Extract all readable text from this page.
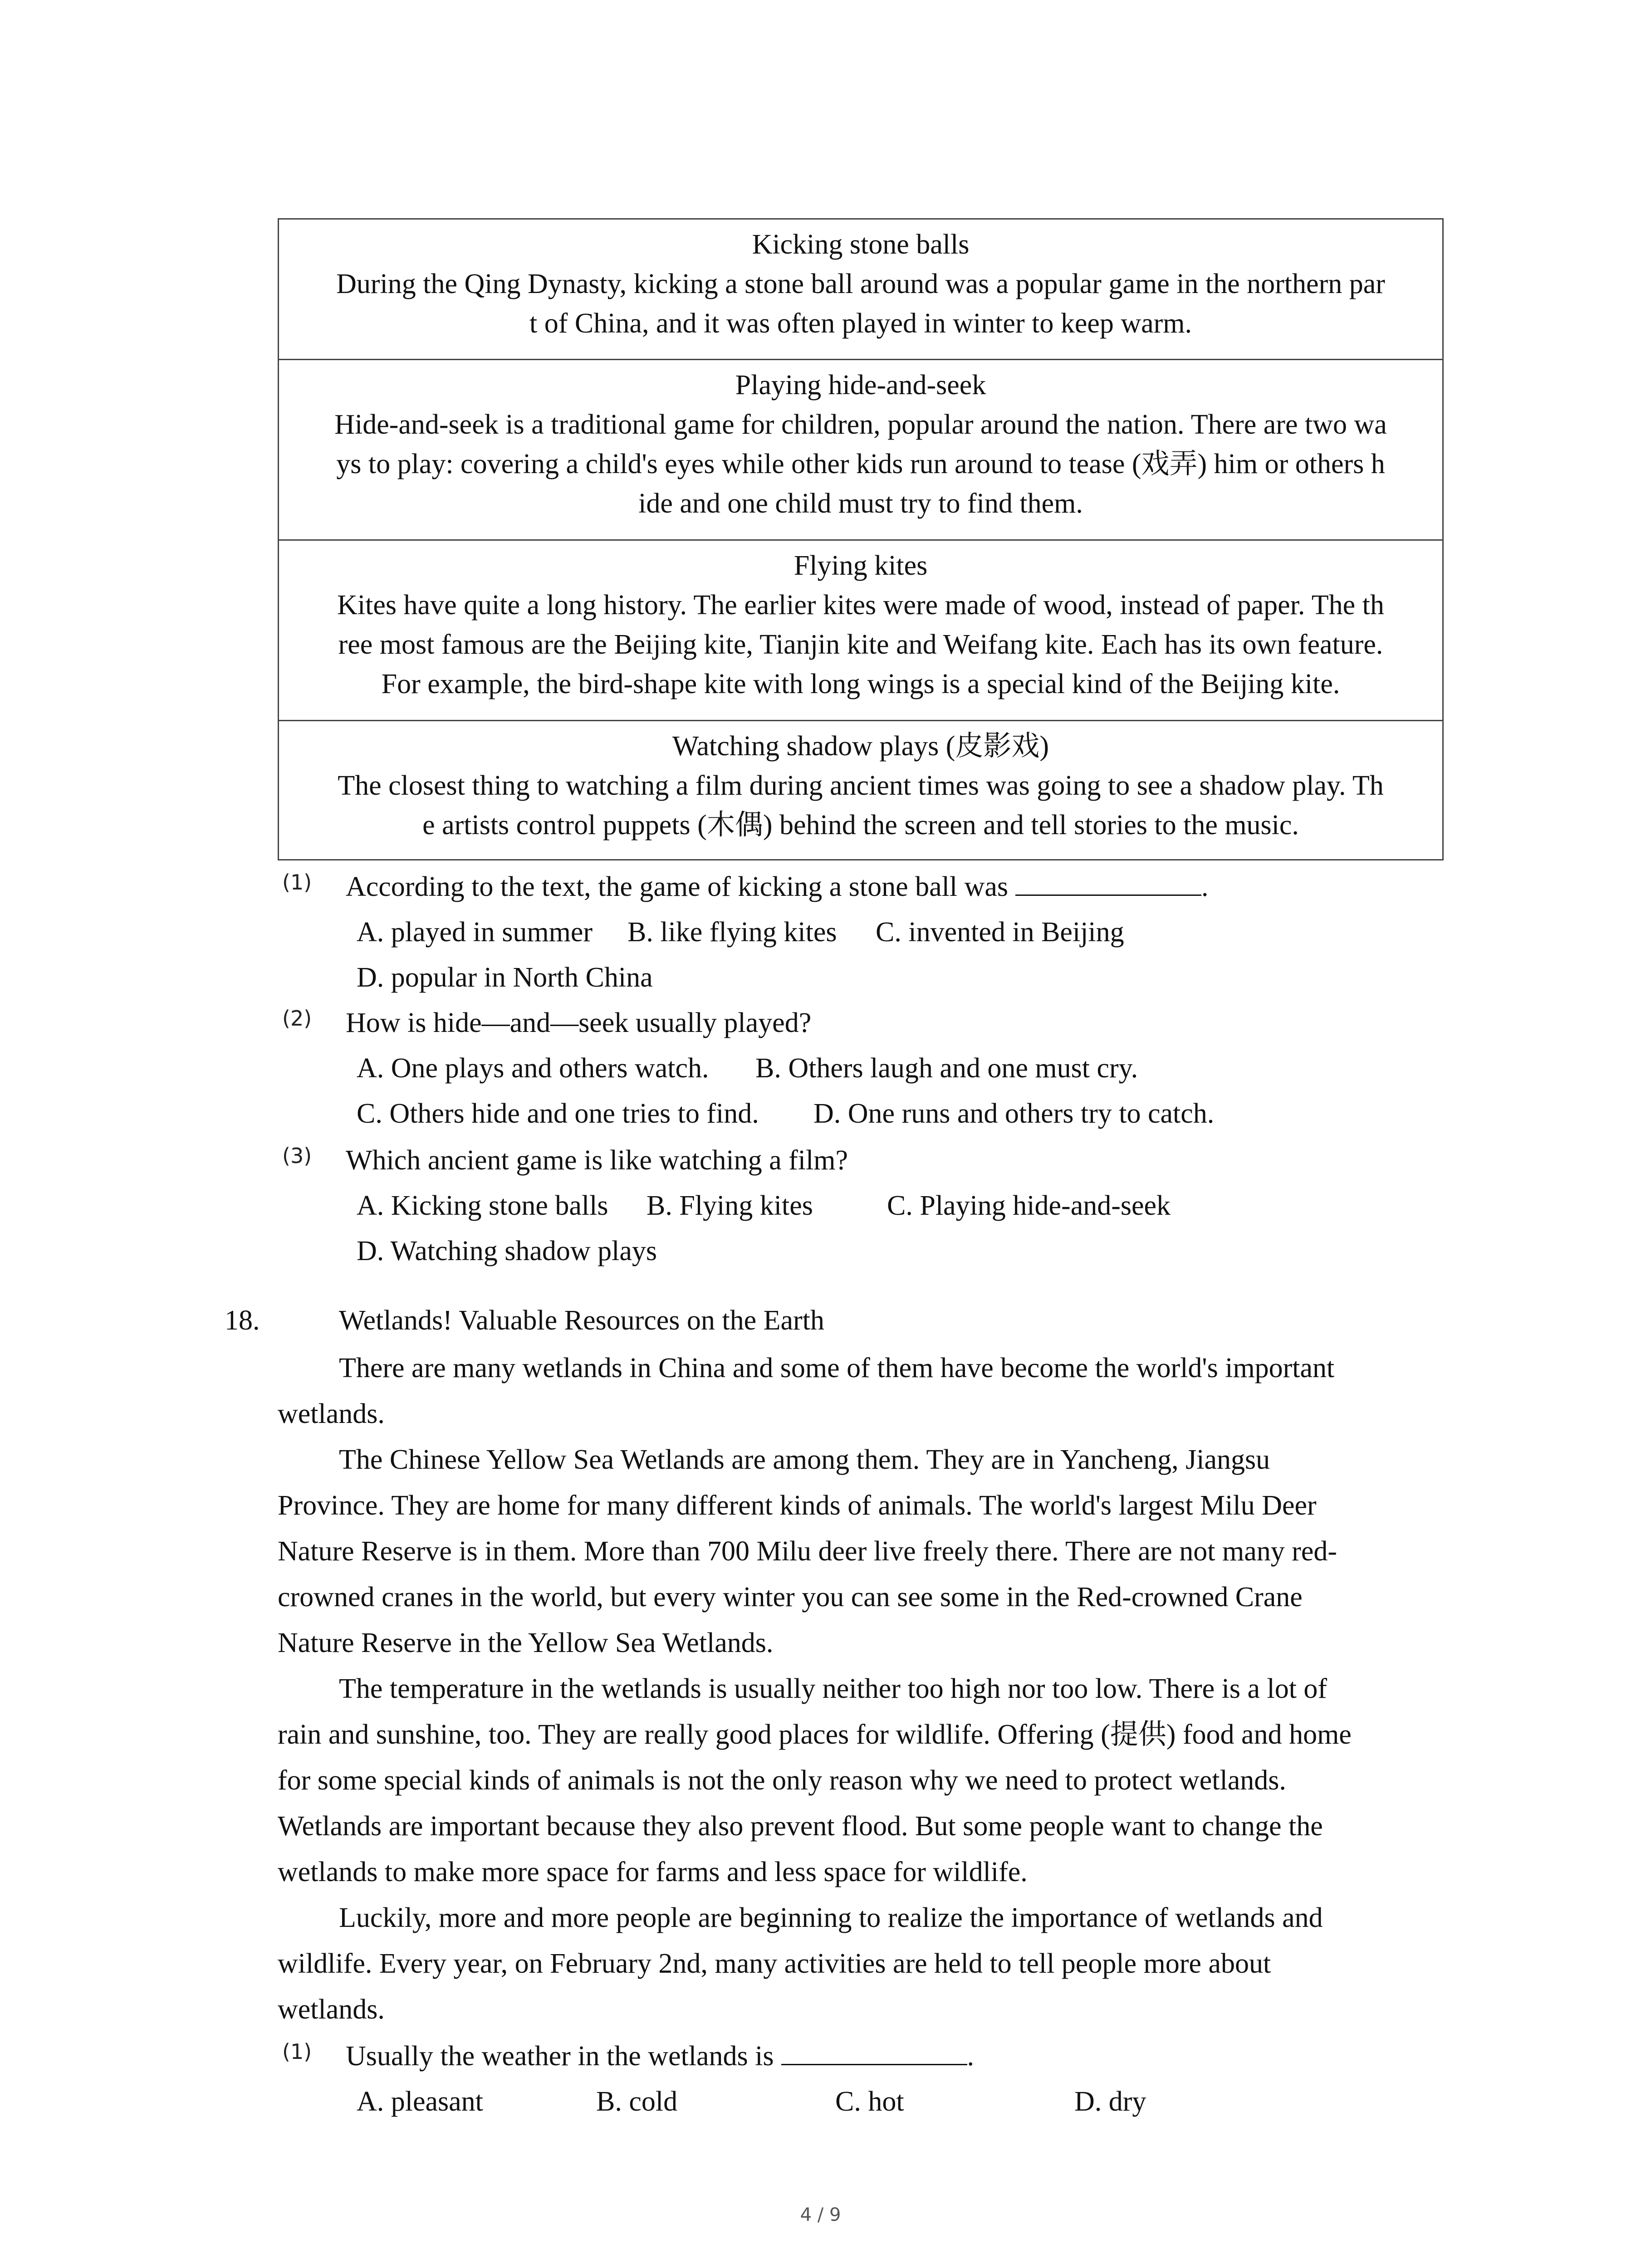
Kicking stone balls
During the Qing Dynasty, kicking a stone ball around was a popular game in the northern par
t of China, and it was often played in winter to keep warm.
Playing hide-and-seek
Hide-and-seek is a traditional game for children, popular around the nation. There are two wa
ys to play: covering a child's eyes while other kids run around to tease (戏弄) him or others h
ide and one child must try to find them.
Flying kites
Kites have quite a long history. The earlier kites were made of wood, instead of paper. The th
ree most famous are the Beijing kite, Tianjin kite and Weifang kite. Each has its own feature.
For example, the bird-shape kite with long wings is a special kind of the Beijing kite.
Watching shadow plays (皮影戏)
The closest thing to watching a film during ancient times was going to see a shadow play. Th
e artists control puppets (木偶) behind the screen and tell stories to the music.
(1) According to the text, the game of kicking a stone ball was	.
A. played in summer B. like flying kites C. invented in Beijing
D. popular in North China
(2) How is hide—and—seek usually played?
A. One plays and others watch. B. Others laugh and one must cry.
C. Others hide and one tries to find. D. One runs and others try to catch.
(3) Which ancient game is like watching a film?
A. Kicking stone balls B. Flying kites	C. Playing hide-and-seek
D. Watching shadow plays
18.	Wetlands! Valuable Resources on the Earth
There are many wetlands in China and some of them have become the world's important
wetlands.
The Chinese Yellow Sea Wetlands are among them. They are in Yancheng, Jiangsu
Province. They are home for many different kinds of animals. The world's largest Milu Deer
Nature Reserve is in them. More than 700 Milu deer live freely there. There are not many red-
crowned cranes in the world, but every winter you can see some in the Red-crowned Crane
Nature Reserve in the Yellow Sea Wetlands.
The temperature in the wetlands is usually neither too high nor too low. There is a lot of
rain and sunshine, too. They are really good places for wildlife. Offering (提供) food and home
for some special kinds of animals is not the only reason why we need to protect wetlands.
Wetlands are important because they also prevent flood. But some people want to change the
wetlands to make more space for farms and less space for wildlife.
Luckily, more and more people are beginning to realize the importance of wetlands and
wildlife. Every year, on February 2nd, many activities are held to tell people more about
wetlands.
(1) Usually the weather in the wetlands is	.
A. pleasant	B. cold	C. hot	D. dry
4 / 9
